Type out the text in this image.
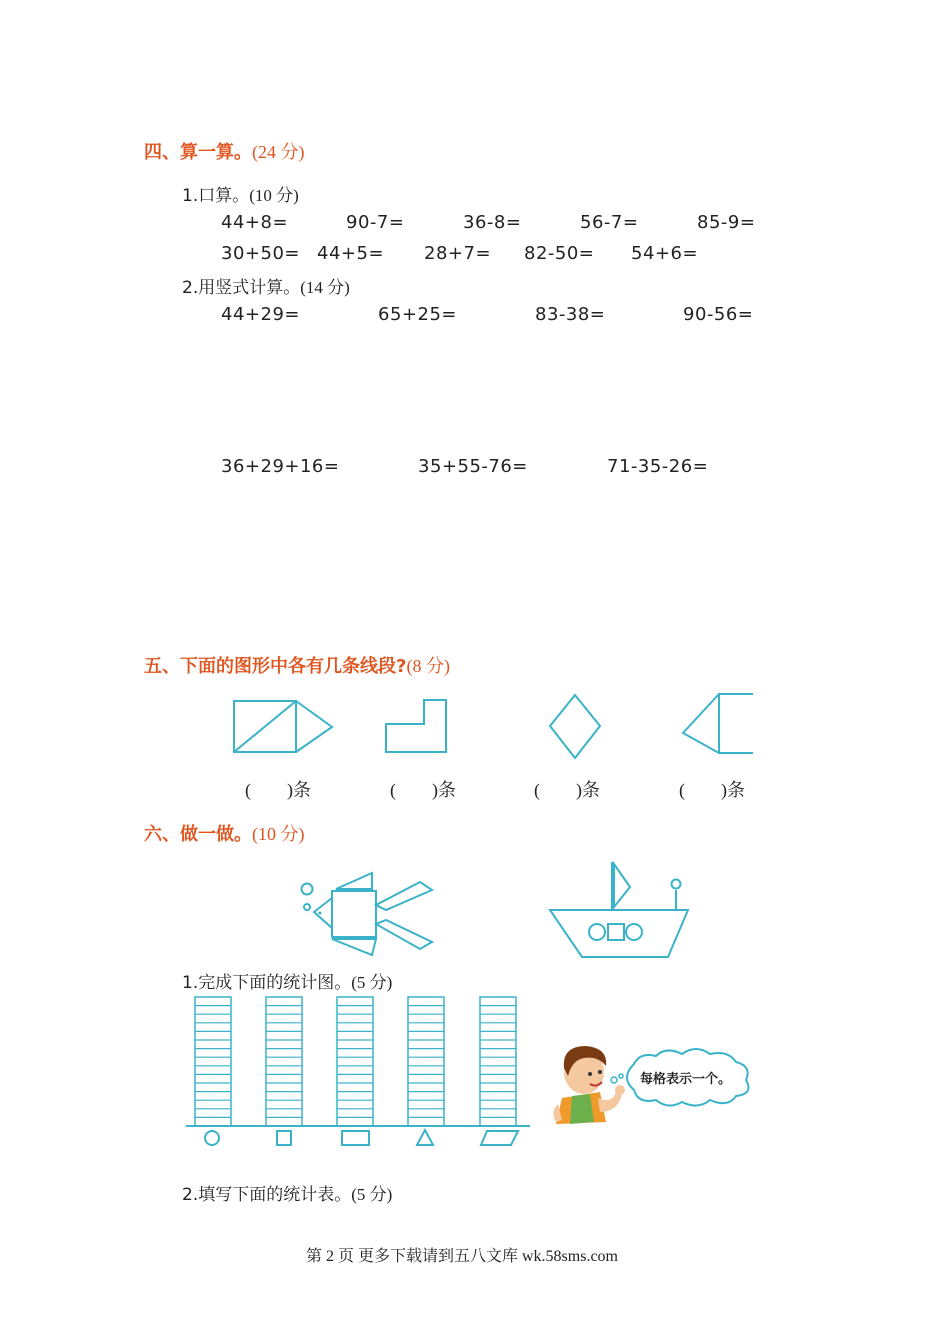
四、算一算。(24 分)
1.口算。(10 分)
44+8=	90-7=	36-8=	56-7=	85-9=
30+50= 44+5= 28+7= 82-50= 54+6=
2.用竖式计算。(14 分)
44+29=	65+25=	83-38=	90-56=
36+29+16=	35+55-76=	71-35-26=
五、下面的图形中各有几条线段?(8 分)
(　　)条	(　　)条	(　　)条	(　　)条
六、做一做。(10 分)
1.完成下面的统计图。(5 分)
每格表示一个。
2.填写下面的统计表。(5 分)
第 2 页 更多下载请到五八文库 wk.58sms.com
